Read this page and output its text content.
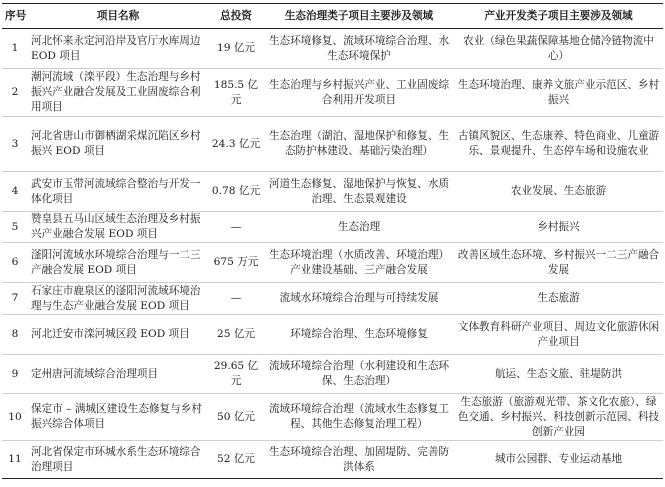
序号	项目名称	总投资	生态治理类子项目主要涉及领域	产业开发类子项目主要涉及领域
1	河北怀来永定河沿岸及官厅水库周边 EOD 项目	19 亿元	生态环境修复、流域环境综合治理、水生态环境保护	农业（绿色果蔬保障基地仓储冷链物流中心）
2	潮河流域（滦平段）生态治理与乡村振兴产业融合发展及工业固废综合利用项目	185.5 亿元	生态治理与乡村振兴产业、工业固废综合利用开发项目	生态环境治理、康养文旅产业示范区、乡村振兴
3	河北省唐山市御栖湖采煤沉陷区乡村振兴 EOD 项目	24.3 亿元	生态治理（湖泊、湿地保护和修复、生态防护林建设、基础污染治理）	古镇风貌区、生态康养、特色商业、儿童游乐、景观提升、生态停车场和设施农业
4	武安市玉带河流域综合整治与开发一体化项目	0.78 亿元	河道生态修复、湿地保护与恢复、水质治理、生态景观建设	农业发展、生态旅游
5	赞皇县五马山区域生态治理及乡村振兴产业融合发展 EOD 项目	—	生态治理	乡村振兴
6	滏阳河流域水环境综合治理与一二三产融合发展 EOD 项目	675 万元	生态环境治理（水质改善、环境治理）产业建设基础、三产融合发展	改善区域生态环境、乡村振兴一二三产融合发展
7	石家庄市鹿泉区的滏阳河流域环境治理与生态产业融合发展 EOD 项目	—	流域水环境综合治理与可持续发展	生态旅游
8	河北迁安市滦河城区段 EOD 项目	25 亿元	环境综合治理、生态环境修复	文体教育科研产业项目、周边文化旅游休闲产业项目
9	定州唐河流域综合治理项目	29.65 亿元	流域环境综合治理（水利建设和生态环保、生态治理）	航运、生态文旅、驻堤防洪
10	保定市 – 满城区建设生态修复与乡村振兴综合体项目	50 亿元	流域环境综合治理（流域水生态修复工程、其他生态修复治理工程）	生态旅游（旅游观光带、茶文化农旅）、绿色交通、乡村振兴、科技创新示范园、科技创新产业园
11	河北省保定市环城水系生态环境综合治理项目	52 亿元	生态环境综合治理、加固堤防、完善防洪体系	城市公园群、专业运动基地
